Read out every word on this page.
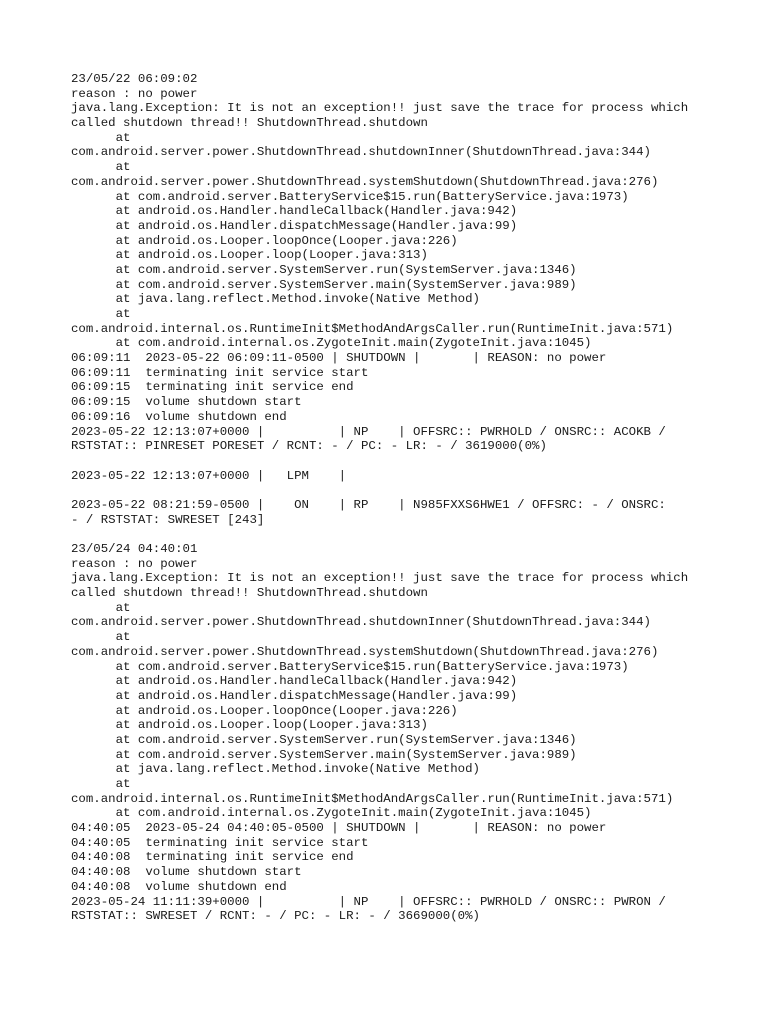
23/05/22 06:09:02
reason : no power
java.lang.Exception: It is not an exception!! just save the trace for process which
called shutdown thread!! ShutdownThread.shutdown
at
com.android.server.power.ShutdownThread.shutdownInner(ShutdownThread.java:344)
at
com.android.server.power.ShutdownThread.systemShutdown(ShutdownThread.java:276)
at com.android.server.BatteryService$15.run(BatteryService.java:1973)
at android.os.Handler.handleCallback(Handler.java:942)
at android.os.Handler.dispatchMessage(Handler.java:99)
at android.os.Looper.loopOnce(Looper.java:226)
at android.os.Looper.loop(Looper.java:313)
at com.android.server.SystemServer.run(SystemServer.java:1346)
at com.android.server.SystemServer.main(SystemServer.java:989)
at java.lang.reflect.Method.invoke(Native Method)
at
com.android.internal.os.RuntimeInit$MethodAndArgsCaller.run(RuntimeInit.java:571)
at com.android.internal.os.ZygoteInit.main(ZygoteInit.java:1045)
06:09:11  2023-05-22 06:09:11-0500 | SHUTDOWN |       | REASON: no power
06:09:11  terminating init service start
06:09:15  terminating init service end
06:09:15  volume shutdown start
06:09:16  volume shutdown end
2023-05-22 12:13:07+0000 |          | NP    | OFFSRC:: PWRHOLD / ONSRC:: ACOKB /
RSTSTAT:: PINRESET PORESET / RCNT: - / PC: - LR: - / 3619000(0%)
2023-05-22 12:13:07+0000 |   LPM    |
2023-05-22 08:21:59-0500 |    ON    | RP    | N985FXXS6HWE1 / OFFSRC: - / ONSRC:
- / RSTSTAT: SWRESET [243]
23/05/24 04:40:01
reason : no power
java.lang.Exception: It is not an exception!! just save the trace for process which
called shutdown thread!! ShutdownThread.shutdown
at
com.android.server.power.ShutdownThread.shutdownInner(ShutdownThread.java:344)
at
com.android.server.power.ShutdownThread.systemShutdown(ShutdownThread.java:276)
at com.android.server.BatteryService$15.run(BatteryService.java:1973)
at android.os.Handler.handleCallback(Handler.java:942)
at android.os.Handler.dispatchMessage(Handler.java:99)
at android.os.Looper.loopOnce(Looper.java:226)
at android.os.Looper.loop(Looper.java:313)
at com.android.server.SystemServer.run(SystemServer.java:1346)
at com.android.server.SystemServer.main(SystemServer.java:989)
at java.lang.reflect.Method.invoke(Native Method)
at
com.android.internal.os.RuntimeInit$MethodAndArgsCaller.run(RuntimeInit.java:571)
at com.android.internal.os.ZygoteInit.main(ZygoteInit.java:1045)
04:40:05  2023-05-24 04:40:05-0500 | SHUTDOWN |       | REASON: no power
04:40:05  terminating init service start
04:40:08  terminating init service end
04:40:08  volume shutdown start
04:40:08  volume shutdown end
2023-05-24 11:11:39+0000 |          | NP    | OFFSRC:: PWRHOLD / ONSRC:: PWRON /
RSTSTAT:: SWRESET / RCNT: - / PC: - LR: - / 3669000(0%)
